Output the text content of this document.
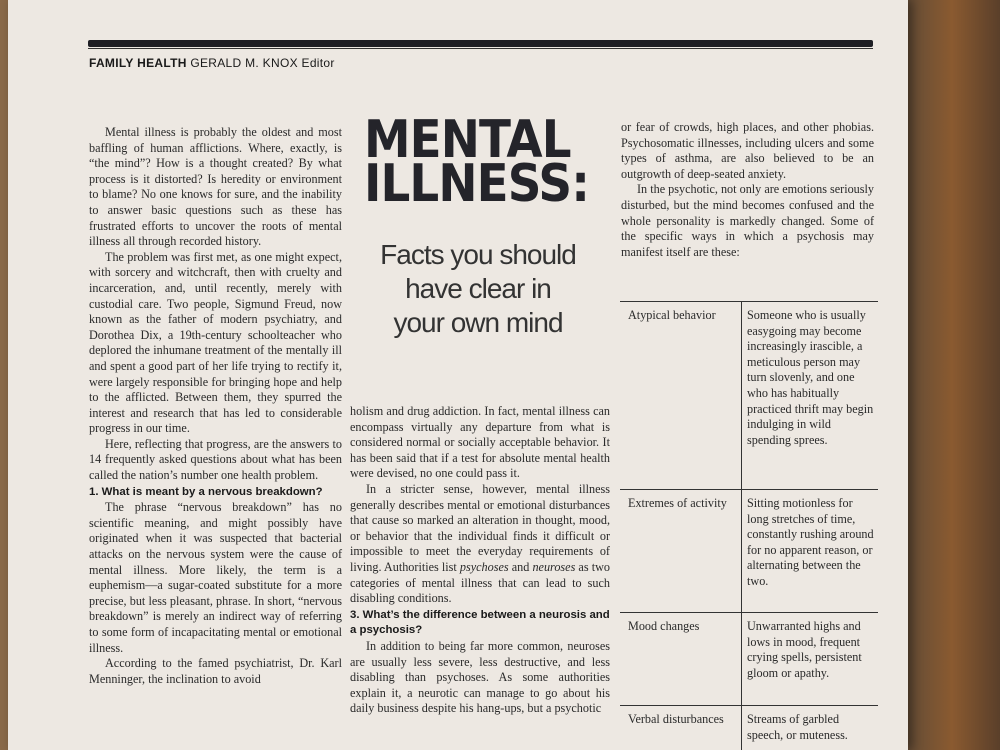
FAMILY HEALTH GERALD M. KNOX Editor

Mental illness is probably the oldest and most baffling of human afflictions. Where, exactly, is “the mind”? How is a thought created? By what process is it distorted? Is heredity or environment to blame? No one knows for sure, and the inability to answer basic questions such as these has frustrated efforts to uncover the roots of mental illness all through recorded history.

The problem was first met, as one might expect, with sorcery and witchcraft, then with cruelty and incarceration, and, until recently, merely with custodial care. Two people, Sigmund Freud, now known as the father of modern psychiatry, and Dorothea Dix, a 19th-century schoolteacher who deplored the inhumane treatment of the mentally ill and spent a good part of her life trying to rectify it, were largely responsible for bringing hope and help to the afflicted. Between them, they spurred the interest and research that has led to considerable progress in our time.

Here, reflecting that progress, are the answers to 14 frequently asked questions about what has been called the nation’s number one health problem.

1. What is meant by a nervous breakdown?

The phrase “nervous breakdown” has no scientific meaning, and might possibly have originated when it was suspected that bacterial attacks on the nervous system were the cause of mental illness. More likely, the term is a euphemism—a sugar-coated substitute for a more precise, but less pleasant, phrase. In short, “nervous breakdown” is merely an indirect way of referring to some form of incapacitating mental or emotional illness.

According to the famed psychiatrist, Dr. Karl Menninger, the inclination to avoid

MENTAL
ILLNESS:
Facts you should
have clear in
your own mind

holism and drug addiction. In fact, mental illness can encompass virtually any departure from what is considered normal or socially acceptable behavior. It has been said that if a test for absolute mental health were devised, no one could pass it.

In a stricter sense, however, mental illness generally describes mental or emotional disturbances that cause so marked an alteration in thought, mood, or behavior that the individual finds it difficult or impossible to meet the everyday requirements of living. Authorities list psychoses and neuroses as two categories of mental illness that can lead to such disabling conditions.

3. What’s the difference between a neurosis and a psychosis?

In addition to being far more common, neuroses are usually less severe, less destructive, and less disabling than psychoses. As some authorities explain it, a neurotic can manage to go about his daily business despite his hang-ups, but a psychotic

or fear of crowds, high places, and other phobias. Psychosomatic illnesses, including ulcers and some types of asthma, are also believed to be an outgrowth of deep-seated anxiety.

In the psychotic, not only are emotions seriously disturbed, but the mind becomes confused and the whole personality is markedly changed. Some of the specific ways in which a psychosis may manifest itself are these:

Atypical behavior	Someone who is usually easygoing may become increasingly irascible, a meticulous person may turn slovenly, and one who has habitually practiced thrift may begin indulging in wild spending sprees.
Extremes of activity	Sitting motionless for long stretches of time, constantly rushing around for no apparent reason, or alternating between the two.
Mood changes	Unwarranted highs and lows in mood, frequent crying spells, persistent gloom or apathy.
Verbal disturbances	Streams of garbled speech, or muteness.
